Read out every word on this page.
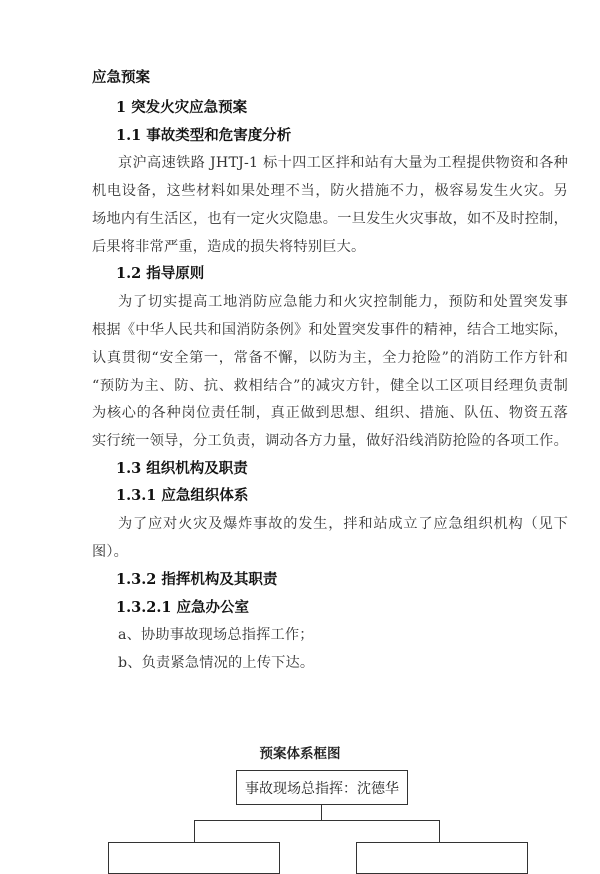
应急预案
1 突发火灾应急预案
1.1 事故类型和危害度分析
京沪高速铁路 JHTJ-1 标十四工区拌和站有大量为工程提供物资和各种
机电设备，这些材料如果处理不当，防火措施不力，极容易发生火灾。另
场地内有生活区，也有一定火灾隐患。一旦发生火灾事故，如不及时控制，
后果将非常严重，造成的损失将特别巨大。
1.2 指导原则
为了切实提高工地消防应急能力和火灾控制能力，预防和处置突发事
根据《中华人民共和国消防条例》和处置突发事件的精神，结合工地实际，
认真贯彻“安全第一，常备不懈，以防为主，全力抢险”的消防工作方针和
“预防为主、防、抗、救相结合”的减灾方针，健全以工区项目经理负责制
为核心的各种岗位责任制，真正做到思想、组织、措施、队伍、物资五落
实行统一领导，分工负责，调动各方力量，做好沿线消防抢险的各项工作。
1.3 组织机构及职责
1.3.1 应急组织体系
为了应对火灾及爆炸事故的发生，拌和站成立了应急组织机构（见下
图）。
1.3.2 指挥机构及其职责
1.3.2.1 应急办公室
a、协助事故现场总指挥工作；
b、负责紧急情况的上传下达。
预案体系框图
事故现场总指挥：沈德华
